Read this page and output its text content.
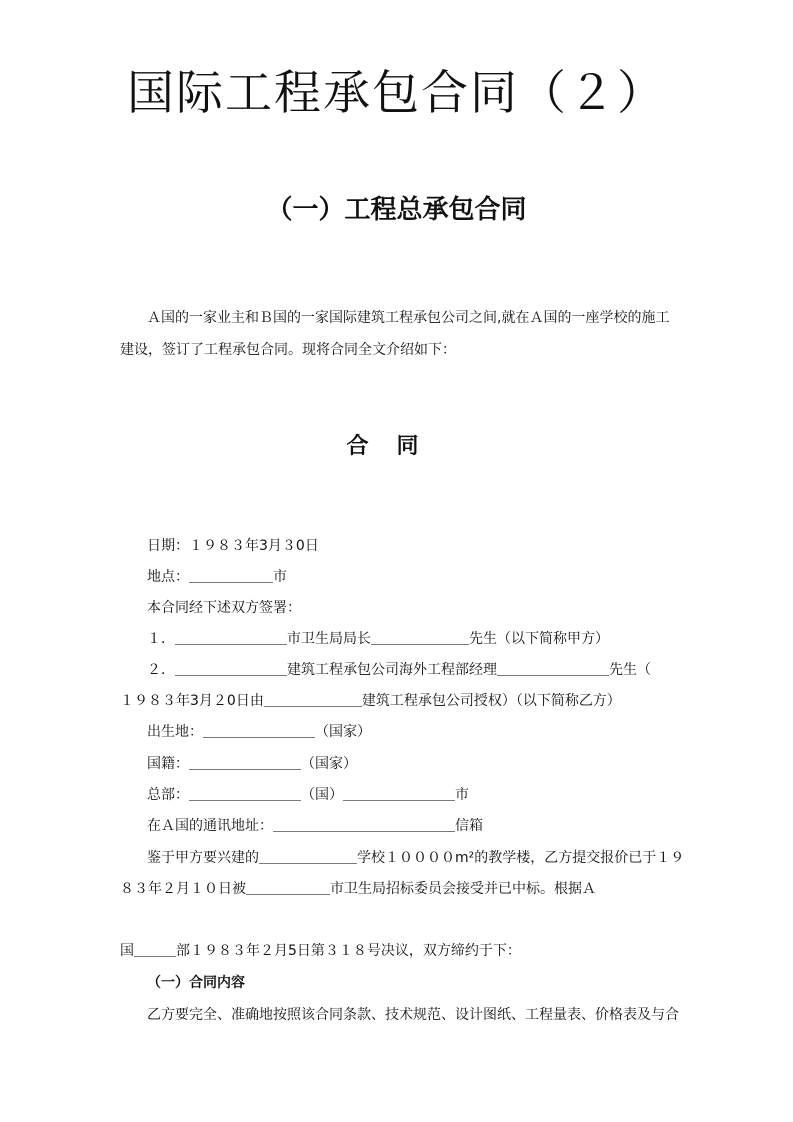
国际工程承包合同（２）
（一）工程总承包合同
Ａ国的一家业主和Ｂ国的一家国际建筑工程承包公司之间,就在Ａ国的一座学校的施工
建设，签订了工程承包合同。现将合同全文介绍如下：
合同
日期：１９８３年3月３0日
地点：＿＿＿＿＿＿市
本合同经下述双方签署：
１．＿＿＿＿＿＿＿＿市卫生局局长＿＿＿＿＿＿＿先生（以下简称甲方）
２．＿＿＿＿＿＿＿＿建筑工程承包公司海外工程部经理＿＿＿＿＿＿＿＿先生（
１９８３年3月２0日由＿＿＿＿＿＿＿建筑工程承包公司授权）（以下简称乙方）
出生地：＿＿＿＿＿＿＿＿（国家）
国籍：＿＿＿＿＿＿＿＿（国家）
总部：＿＿＿＿＿＿＿＿（国）＿＿＿＿＿＿＿＿市
在Ａ国的通讯地址：＿＿＿＿＿＿＿＿＿＿＿＿＿信箱
鉴于甲方要兴建的＿＿＿＿＿＿＿学校１００００m²的教学楼，乙方提交报价已于１９
８３年２月１０日被＿＿＿＿＿＿市卫生局招标委员会接受并已中标。根据Ａ
国＿＿＿部１９８３年２月5日第３１８号决议，双方缔约于下：
（一）合同内容
乙方要完全、准确地按照该合同条款、技术规范、设计图纸、工程量表、价格表及与合
